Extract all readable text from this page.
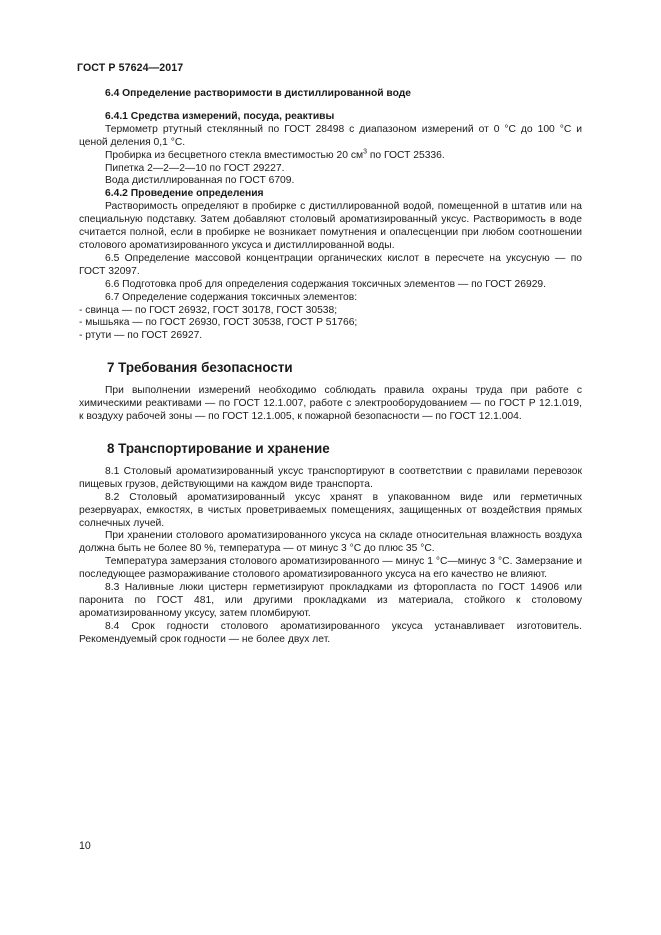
ГОСТ Р 57624—2017

6.4 Определение растворимости в дистиллированной воде

6.4.1 Средства измерений, посуда, реактивы

Термометр ртутный стеклянный по ГОСТ 28498 с диапазоном измерений от 0 °С до 100 °С и ценой деления 0,1 °С.

Пробирка из бесцветного стекла вместимостью 20 $см^3$ по ГОСТ 25336.

Пипетка 2—2—2—10 по ГОСТ 29227.

Вода дистиллированная по ГОСТ 6709.

6.4.2 Проведение определения

Растворимость определяют в пробирке с дистиллированной водой, помещенной в штатив или на специальную подставку. Затем добавляют столовый ароматизированный уксус. Растворимость в воде считается полной, если в пробирке не возникает помутнения и опалесценции при любом соотношении столового ароматизированного уксуса и дистиллированной воды.

6.5 Определение массовой концентрации органических кислот в пересчете на уксусную — по ГОСТ 32097.

6.6 Подготовка проб для определения содержания токсичных элементов — по ГОСТ 26929.

6.7 Определение содержания токсичных элементов:

- свинца — по ГОСТ 26932, ГОСТ 30178, ГОСТ 30538;

- мышьяка — по ГОСТ 26930, ГОСТ 30538, ГОСТ Р 51766;

- ртути — по ГОСТ 26927.

7 Требования безопасности

При выполнении измерений необходимо соблюдать правила охраны труда при работе с химическими реактивами — по ГОСТ 12.1.007, работе с электрооборудованием — по ГОСТ Р 12.1.019, к воздуху рабочей зоны — по ГОСТ 12.1.005, к пожарной безопасности — по ГОСТ 12.1.004.

8 Транспортирование и хранение

8.1 Столовый ароматизированный уксус транспортируют в соответствии с правилами перевозок пищевых грузов, действующими на каждом виде транспорта.

8.2 Столовый ароматизированный уксус хранят в упакованном виде или герметичных резервуарах, емкостях, в чистых проветриваемых помещениях, защищенных от воздействия прямых солнечных лучей.

При хранении столового ароматизированного уксуса на складе относительная влажность воздуха должна быть не более 80 %, температура — от минус 3 °С до плюс 35 °С.

Температура замерзания столового ароматизированного — минус 1 °С—минус 3 °С. Замерзание и последующее размораживание столового ароматизированного уксуса на его качество не влияют.

8.3 Наливные люки цистерн герметизируют прокладками из фторопласта по ГОСТ 14906 или паронита по ГОСТ 481, или другими прокладками из материала, стойкого к столовому ароматизированному уксусу, затем пломбируют.

8.4 Срок годности столового ароматизированного уксуса устанавливает изготовитель. Рекомендуемый срок годности — не более двух лет.

10
